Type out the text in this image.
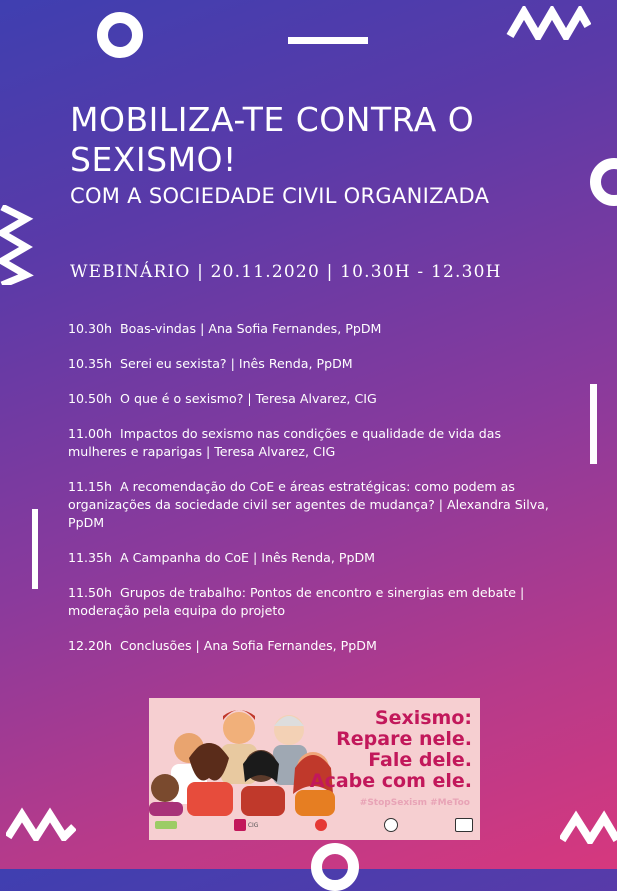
MOBILIZA-TE CONTRA O
SEXISMO!
COM A SOCIEDADE CIVIL ORGANIZADA
WEBINÁRIO | 20.11.2020 | 10.30H - 12.30H
10.30h Boas-vindas | Ana Sofia Fernandes, PpDM
10.35h Serei eu sexista? | Inês Renda, PpDM
10.50h O que é o sexismo? | Teresa Alvarez, CIG
11.00h Impactos do sexismo nas condições e qualidade de vida das mulheres e raparigas | Teresa Alvarez, CIG
11.15h A recomendação do CoE e áreas estratégicas: como podem as organizações da sociedade civil ser agentes de mudança? | Alexandra Silva, PpDM
11.35h A Campanha do CoE | Inês Renda, PpDM
11.50h Grupos de trabalho: Pontos de encontro e sinergias em debate | moderação pela equipa do projeto
12.20h Conclusões | Ana Sofia Fernandes, PpDM
Sexismo:
Repare nele.
Fale dele.
Acabe com ele.
#StopSexism #MeToo
CIG
